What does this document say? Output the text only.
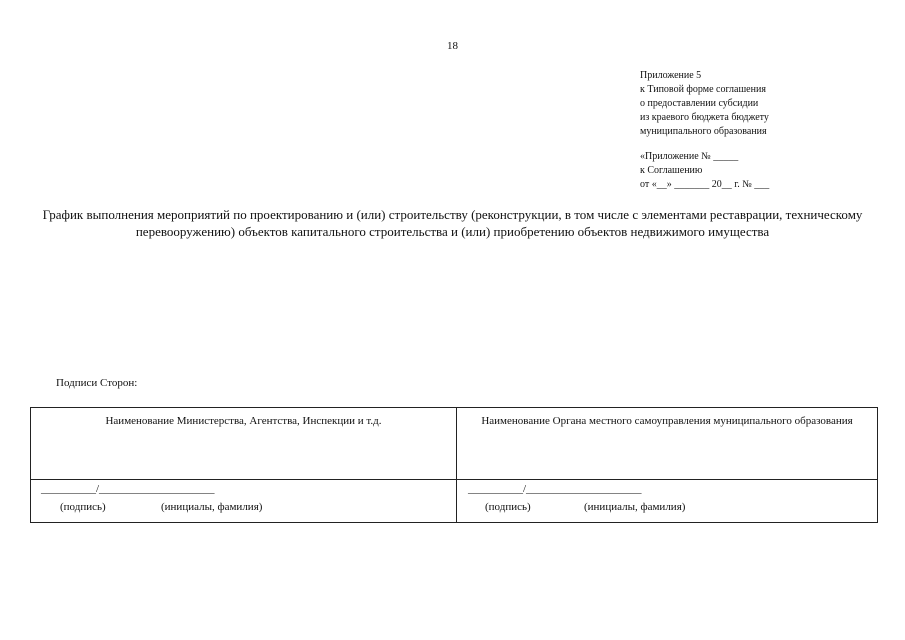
18
Приложение 5
к Типовой форме соглашения
о предоставлении субсидии
из краевого бюджета бюджету
муниципального образования
«Приложение № _____
к Соглашению
от «__» _______ 20__ г. № ___
График выполнения мероприятий по проектированию и (или) строительству (реконструкции, в том числе с элементами реставрации, техническому перевооружению) объектов капитального строительства и (или) приобретению объектов недвижимого имущества
Подписи Сторон:
Наименование Министерства, Агентства, Инспекции и т.д.
__________/_____________________
(подпись)	(инициалы, фамилия)
Наименование Органа местного самоуправления муниципального образования
__________/_____________________
(подпись)	(инициалы, фамилия)
